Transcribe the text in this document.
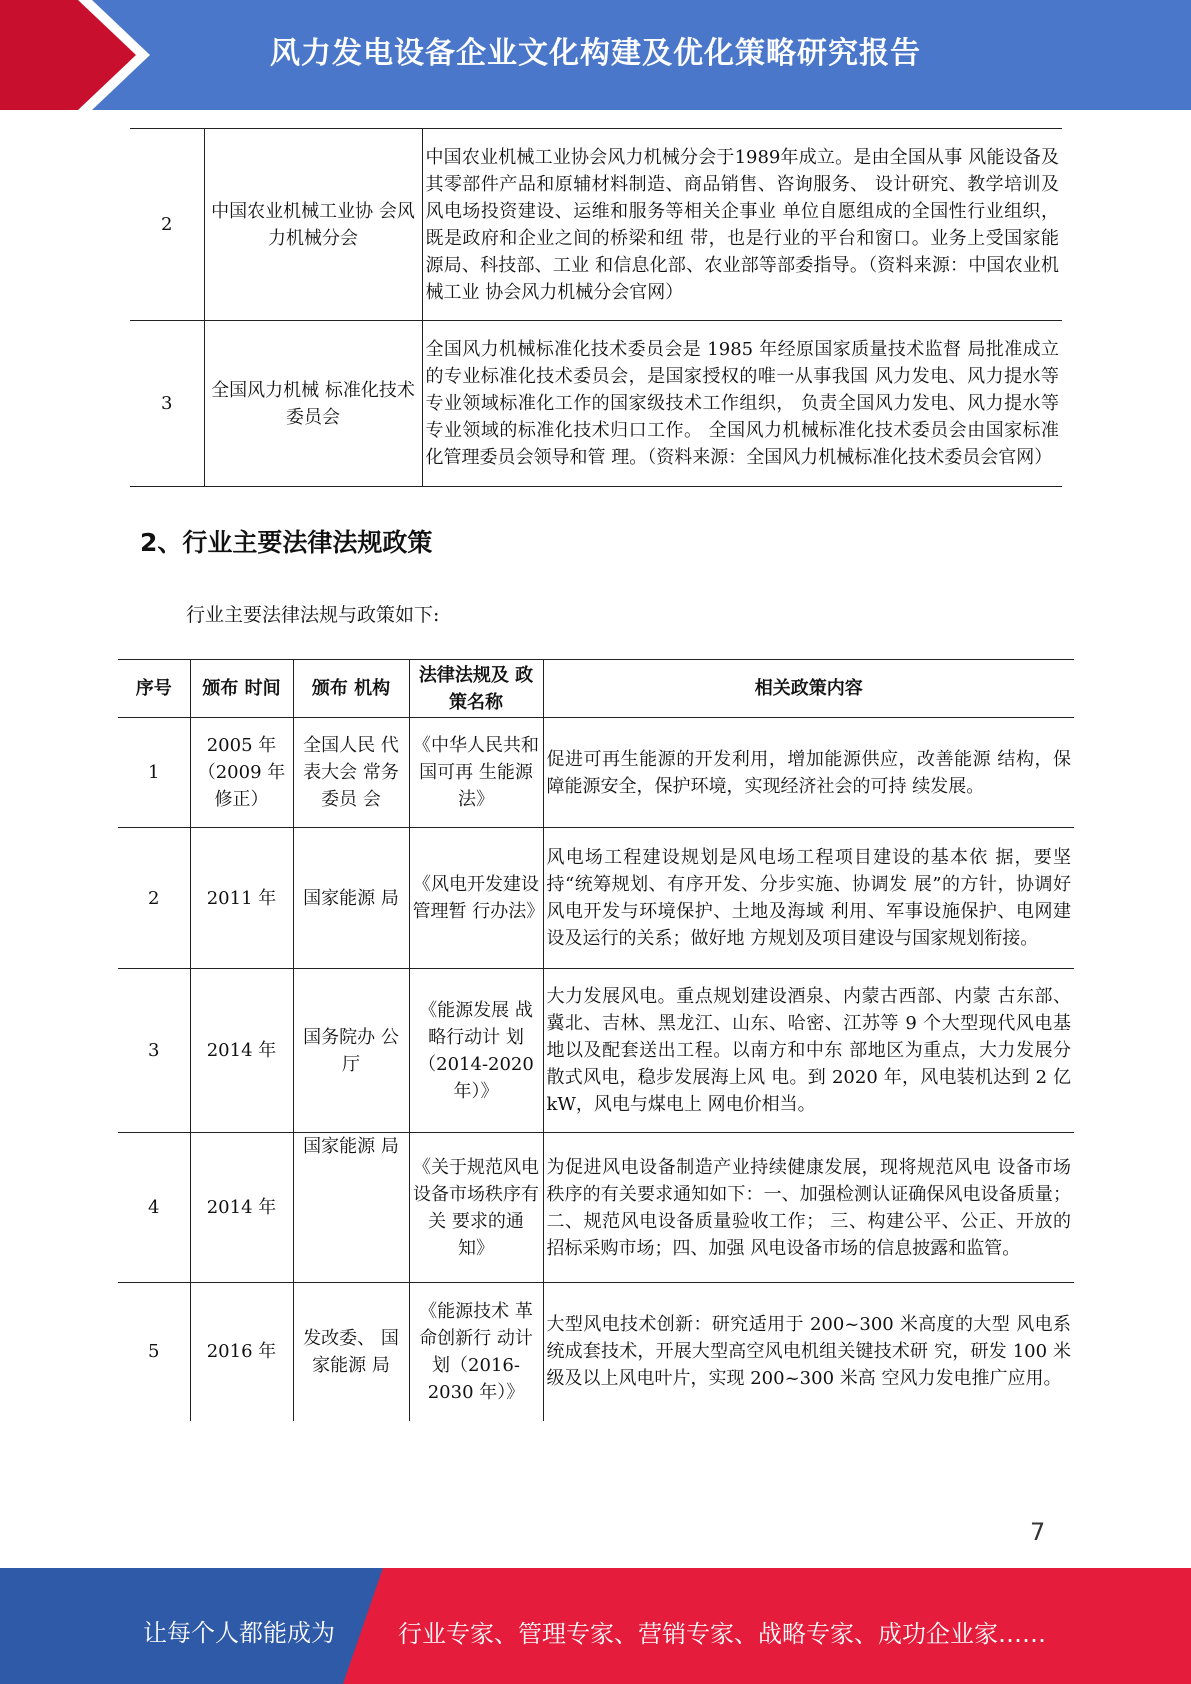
风力发电设备企业文化构建及优化策略研究报告
2	中国农业机械工业协 会风力机械分会	中国农业机械工业协会风力机械分会于1989年成立。是由全国从事 风能设备及其零部件产品和原辅材料制造、商品销售、咨询服务、 设计研究、教学培训及风电场投资建设、运维和服务等相关企事业 单位自愿组成的全国性行业组织，既是政府和企业之间的桥梁和纽 带，也是行业的平台和窗口。业务上受国家能源局、科技部、工业 和信息化部、农业部等部委指导。（资料来源：中国农业机械工业 协会风力机械分会官网）
3	全国风力机械 标准化技术委员会	全国风力机械标准化技术委员会是 1985 年经原国家质量技术监督 局批准成立的专业标准化技术委员会，是国家授权的唯一从事我国 风力发电、风力提水等专业领域标准化工作的国家级技术工作组织， 负责全国风力发电、风力提水等专业领域的标准化技术归口工作。 全国风力机械标准化技术委员会由国家标准化管理委员会领导和管 理。（资料来源：全国风力机械标准化技术委员会官网）
2、行业主要法律法规政策
行业主要法律法规与政策如下:
序号	颁布 时间	颁布 机构	法律法规及 政策名称	相关政策内容
1	2005 年（2009 年修正）	全国人民 代表大会 常务委员 会	《中华人民共和国可再 生能源法》	促进可再生能源的开发利用，增加能源供应，改善能源 结构，保障能源安全，保护环境，实现经济社会的可持 续发展。
2	2011 年	国家能源 局	《风电开发建设管理暂 行办法》	风电场工程建设规划是风电场工程项目建设的基本依 据，要坚持“统筹规划、有序开发、分步实施、协调发 展”的方针，协调好风电开发与环境保护、土地及海域 利用、军事设施保护、电网建设及运行的关系；做好地 方规划及项目建设与国家规划衔接。
3	2014 年	国务院办 公厅	《能源发展 战略行动计 划（2014-2020 年）》	大力发展风电。重点规划建设酒泉、内蒙古西部、内蒙 古东部、冀北、吉林、黑龙江、山东、哈密、江苏等 9 个大型现代风电基地以及配套送出工程。以南方和中东 部地区为重点，大力发展分散式风电，稳步发展海上风 电。到 2020 年，风电装机达到 2 亿 kW，风电与煤电上 网电价相当。
4	2014 年	国家能源 局	《关于规范风电设备市场秩序有关 要求的通 知》	为促进风电设备制造产业持续健康发展，现将规范风电 设备市场秩序的有关要求通知如下：一、加强检测认证确保风电设备质量；二、规范风电设备质量验收工作； 三、构建公平、公正、开放的招标采购市场；四、加强 风电设备市场的信息披露和监管。
5	2016 年	发改委、 国家能源 局	《能源技术 革命创新行 动计划（2016-2030 年）》	大型风电技术创新：研究适用于 200~300 米高度的大型 风电系统成套技术，开展大型高空风电机组关键技术研 究，研发 100 米级及以上风电叶片，实现 200~300 米高 空风力发电推广应用。
7
让每个人都能成为	行业专家、管理专家、营销专家、战略专家、成功企业家……
